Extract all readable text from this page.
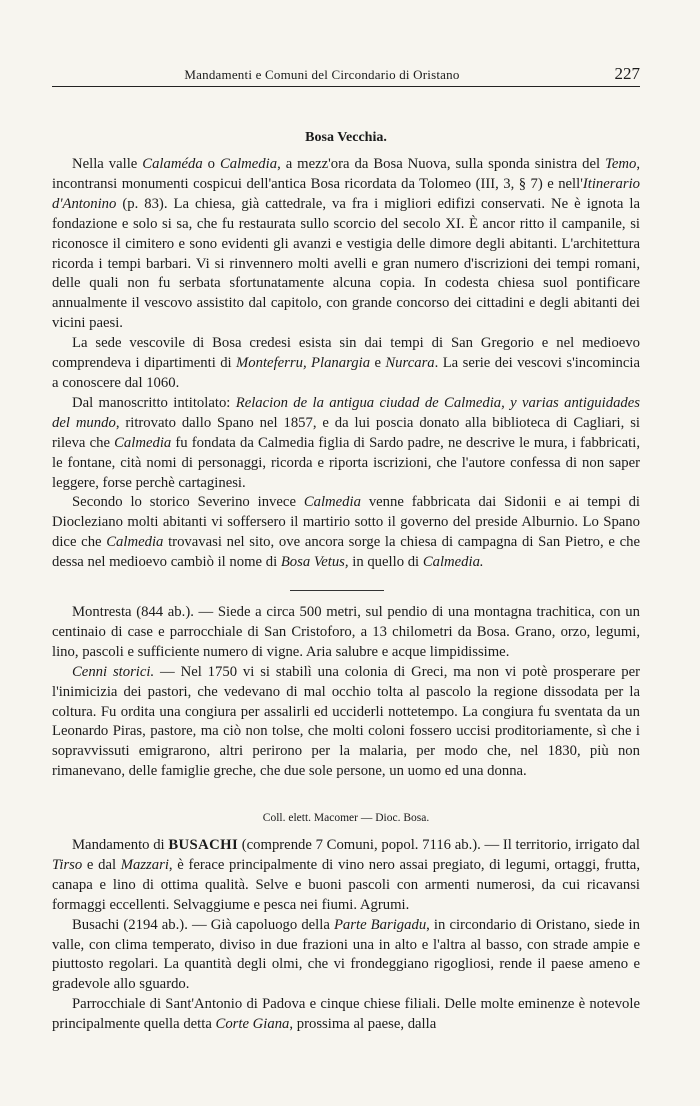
Mandamenti e Comuni del Circondario di Oristano	227
Bosa Vecchia.

Nella valle Calaméda o Calmedia, a mezz'ora da Bosa Nuova, sulla sponda sinistra del Temo, incontransi monumenti cospicui dell'antica Bosa ricordata da Tolomeo (III, 3, § 7) e nell'Itinerario d'Antonino (p. 83). La chiesa, già cattedrale, va fra i migliori edifizi conservati. Ne è ignota la fondazione e solo si sa, che fu restaurata sullo scorcio del secolo XI. È ancor ritto il campanile, si riconosce il cimitero e sono evidenti gli avanzi e vestigia delle dimore degli abitanti. L'architettura ricorda i tempi barbari. Vi si rinvennero molti avelli e gran numero d'iscrizioni dei tempi romani, delle quali non fu serbata sfortunatamente alcuna copia. In codesta chiesa suol pontificare annualmente il vescovo assistito dal capitolo, con grande concorso dei cittadini e degli abitanti dei vicini paesi.

La sede vescovile di Bosa credesi esista sin dai tempi di San Gregorio e nel medioevo comprendeva i dipartimenti di Monteferru, Planargia e Nurcara. La serie dei vescovi s'incomincia a conoscere dal 1060.

Dal manoscritto intitolato: Relacion de la antigua ciudad de Calmedia, y varias antiguidades del mundo, ritrovato dallo Spano nel 1857, e da lui poscia donato alla biblioteca di Cagliari, si rileva che Calmedia fu fondata da Calmedia figlia di Sardo padre, ne descrive le mura, i fabbricati, le fontane, cità nomi di personaggi, ricorda e riporta iscrizioni, che l'autore confessa di non saper leggere, forse perchè cartaginesi.

Secondo lo storico Severino invece Calmedia venne fabbricata dai Sidonii e ai tempi di Diocleziano molti abitanti vi soffersero il martirio sotto il governo del preside Alburnio. Lo Spano dice che Calmedia trovavasi nel sito, ove ancora sorge la chiesa di campagna di San Pietro, e che dessa nel medioevo cambiò il nome di Bosa Vetus, in quello di Calmedia.

Montresta (844 ab.). — Siede a circa 500 metri, sul pendio di una montagna trachitica, con un centinaio di case e parrocchiale di San Cristoforo, a 13 chilometri da Bosa. Grano, orzo, legumi, lino, pascoli e sufficiente numero di vigne. Aria salubre e acque limpidissime.

Cenni storici. — Nel 1750 vi si stabilì una colonia di Greci, ma non vi potè prosperare per l'inimicizia dei pastori, che vedevano di mal occhio tolta al pascolo la regione dissodata per la coltura. Fu ordita una congiura per assalirli ed ucciderli nottetempo. La congiura fu sventata da un Leonardo Piras, pastore, ma ciò non tolse, che molti coloni fossero uccisi proditoriamente, sì che i sopravvissuti emigrarono, altri perirono per la malaria, per modo che, nel 1830, più non rimanevano, delle famiglie greche, che due sole persone, un uomo ed una donna.

Coll. elett. Macomer — Dioc. Bosa.

Mandamento di BUSACHI (comprende 7 Comuni, popol. 7116 ab.). — Il territorio, irrigato dal Tirso e dal Mazzari, è ferace principalmente di vino nero assai pregiato, di legumi, ortaggi, frutta, canapa e lino di ottima qualità. Selve e buoni pascoli con armenti numerosi, da cui ricavansi formaggi eccellenti. Selvaggiume e pesca nei fiumi. Agrumi.

Busachi (2194 ab.). — Già capoluogo della Parte Barigadu, in circondario di Oristano, siede in valle, con clima temperato, diviso in due frazioni una in alto e l'altra al basso, con strade ampie e piuttosto regolari. La quantità degli olmi, che vi frondeggiano rigogliosi, rende il paese ameno e gradevole allo sguardo.

Parrocchiale di Sant'Antonio di Padova e cinque chiese filiali. Delle molte eminenze è notevole principalmente quella detta Corte Giana, prossima al paese, dalla
